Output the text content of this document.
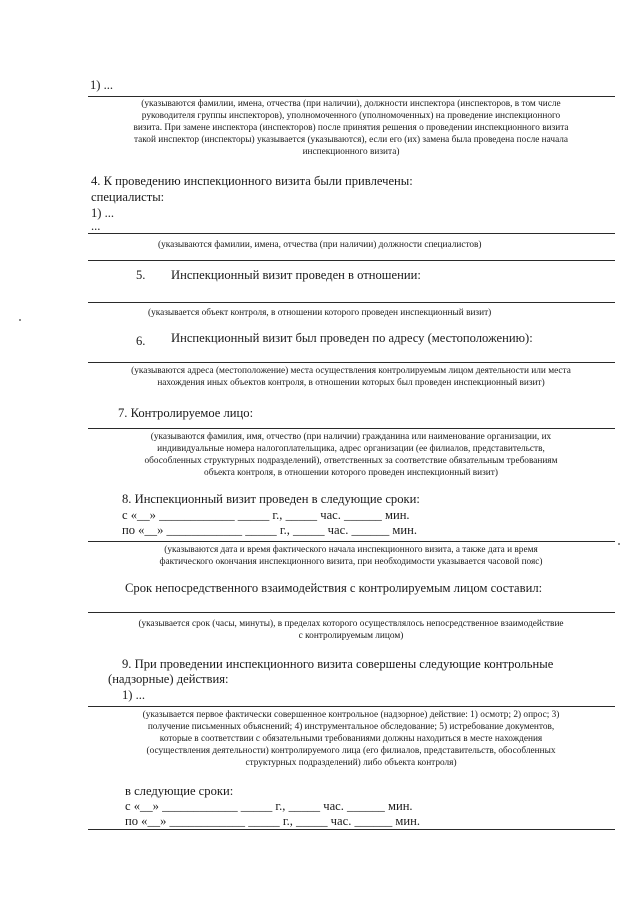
1) ...
(указываются фамилии, имена, отчества (при наличии), должности инспектора (инспекторов, в том числе
руководителя группы инспекторов), уполномоченного (уполномоченных) на проведение инспекционного
визита. При замене инспектора (инспекторов) после принятия решения о проведении инспекционного визита
такой инспектор (инспекторы) указывается (указываются), если его (их) замена была проведена после начала
инспекционного визита)
4. К проведению инспекционного визита были привлечены:
специалисты:
1) ...
...
(указываются фамилии, имена, отчества (при наличии) должности специалистов)
5. Инспекционный визит проведен в отношении:
(указывается объект контроля, в отношении которого проведен инспекционный визит)
6. Инспекционный визит был проведен по адресу (местоположению):
(указываются адреса (местоположение) места осуществления контролируемым лицом деятельности или места
нахождения иных объектов контроля, в отношении которых был проведен инспекционный визит)
7. Контролируемое лицо:
(указываются фамилия, имя, отчество (при наличии) гражданина или наименование организации, их
индивидуальные номера налогоплательщика, адрес организации (ее филиалов, представительств,
обособленных структурных подразделений), ответственных за соответствие обязательным требованиям
объекта контроля, в отношении которого проведен инспекционный визит)
8. Инспекционный визит проведен в следующие сроки:
с «__» ____________ _____ г., _____ час. ______ мин.
по «__» ____________ _____ г., _____ час. ______ мин.
(указываются дата и время фактического начала инспекционного визита, а также дата и время
фактического окончания инспекционного визита, при необходимости указывается часовой пояс)
Срок непосредственного взаимодействия с контролируемым лицом составил:
(указывается срок (часы, минуты), в пределах которого осуществлялось непосредственное взаимодействие
с контролируемым лицом)
9. При проведении инспекционного визита совершены следующие контрольные
(надзорные) действия:
1) ...
(указывается первое фактически совершенное контрольное (надзорное) действие: 1) осмотр; 2) опрос; 3)
получение письменных объяснений; 4) инструментальное обследование; 5) истребование документов,
которые в соответствии с обязательными требованиями должны находиться в месте нахождения
(осуществления деятельности) контролируемого лица (его филиалов, представительств, обособленных
структурных подразделений) либо объекта контроля)
в следующие сроки:
с «__» ____________ _____ г., _____ час. ______ мин.
по «__» ____________ _____ г., _____ час. ______ мин.
